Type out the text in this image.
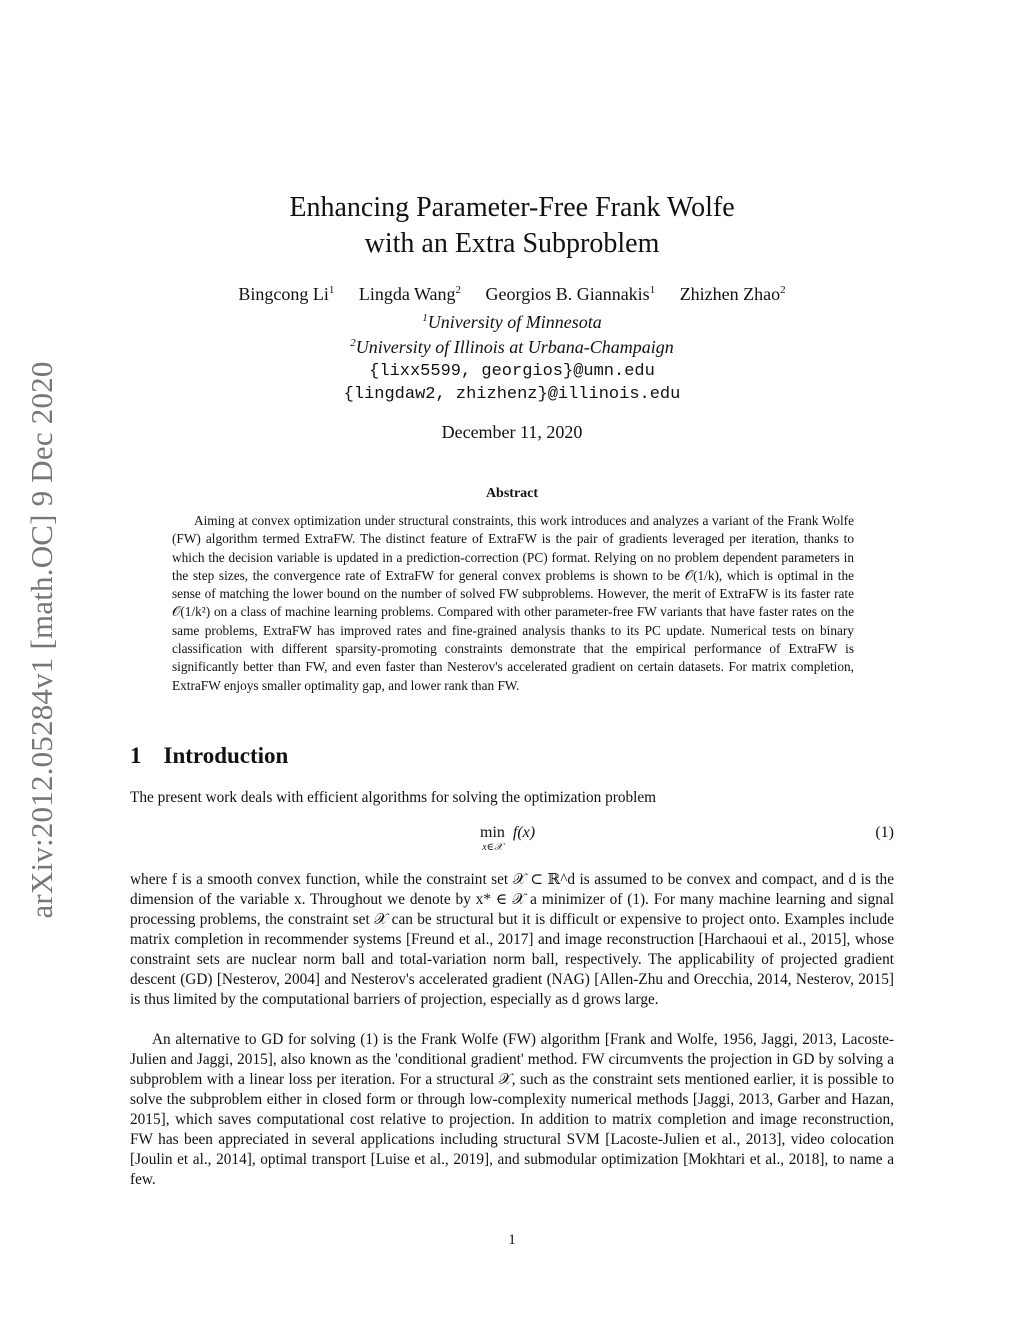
arXiv:2012.05284v1 [math.OC] 9 Dec 2020
Enhancing Parameter-Free Frank Wolfe
with an Extra Subproblem
Bingcong Li$^1$ Lingda Wang$^2$ Georgios B. Giannakis$^1$ Zhizhen Zhao$^2$
$^1$University of Minnesota
$^2$University of Illinois at Urbana-Champaign
{lixx5599, georgios}@umn.edu
{lingdaw2, zhizhenz}@illinois.edu
December 11, 2020
Abstract
Aiming at convex optimization under structural constraints, this work introduces and analyzes a variant of the Frank Wolfe (FW) algorithm termed ExtraFW. The distinct feature of ExtraFW is the pair of gradients leveraged per iteration, thanks to which the decision variable is updated in a prediction-correction (PC) format. Relying on no problem dependent parameters in the step sizes, the convergence rate of ExtraFW for general convex problems is shown to be 𝒪(1/k), which is optimal in the sense of matching the lower bound on the number of solved FW subproblems. However, the merit of ExtraFW is its faster rate 𝒪(1/k²) on a class of machine learning problems. Compared with other parameter-free FW variants that have faster rates on the same problems, ExtraFW has improved rates and fine-grained analysis thanks to its PC update. Numerical tests on binary classification with different sparsity-promoting constraints demonstrate that the empirical performance of ExtraFW is significantly better than FW, and even faster than Nesterov's accelerated gradient on certain datasets. For matrix completion, ExtraFW enjoys smaller optimality gap, and lower rank than FW.
1 Introduction
The present work deals with efficient algorithms for solving the optimization problem
min
x∈𝒳
f(x)	(1)
where f is a smooth convex function, while the constraint set 𝒳 ⊂ ℝ^d is assumed to be convex and compact, and d is the dimension of the variable x. Throughout we denote by x* ∈ 𝒳 a minimizer of (1). For many machine learning and signal processing problems, the constraint set 𝒳 can be structural but it is difficult or expensive to project onto. Examples include matrix completion in recommender systems [Freund et al., 2017] and image reconstruction [Harchaoui et al., 2015], whose constraint sets are nuclear norm ball and total-variation norm ball, respectively. The applicability of projected gradient descent (GD) [Nesterov, 2004] and Nesterov's accelerated gradient (NAG) [Allen-Zhu and Orecchia, 2014, Nesterov, 2015] is thus limited by the computational barriers of projection, especially as d grows large.
An alternative to GD for solving (1) is the Frank Wolfe (FW) algorithm [Frank and Wolfe, 1956, Jaggi, 2013, Lacoste-Julien and Jaggi, 2015], also known as the 'conditional gradient' method. FW circumvents the projection in GD by solving a subproblem with a linear loss per iteration. For a structural 𝒳, such as the constraint sets mentioned earlier, it is possible to solve the subproblem either in closed form or through low-complexity numerical methods [Jaggi, 2013, Garber and Hazan, 2015], which saves computational cost relative to projection. In addition to matrix completion and image reconstruction, FW has been appreciated in several applications including structural SVM [Lacoste-Julien et al., 2013], video colocation [Joulin et al., 2014], optimal transport [Luise et al., 2019], and submodular optimization [Mokhtari et al., 2018], to name a few.
1
